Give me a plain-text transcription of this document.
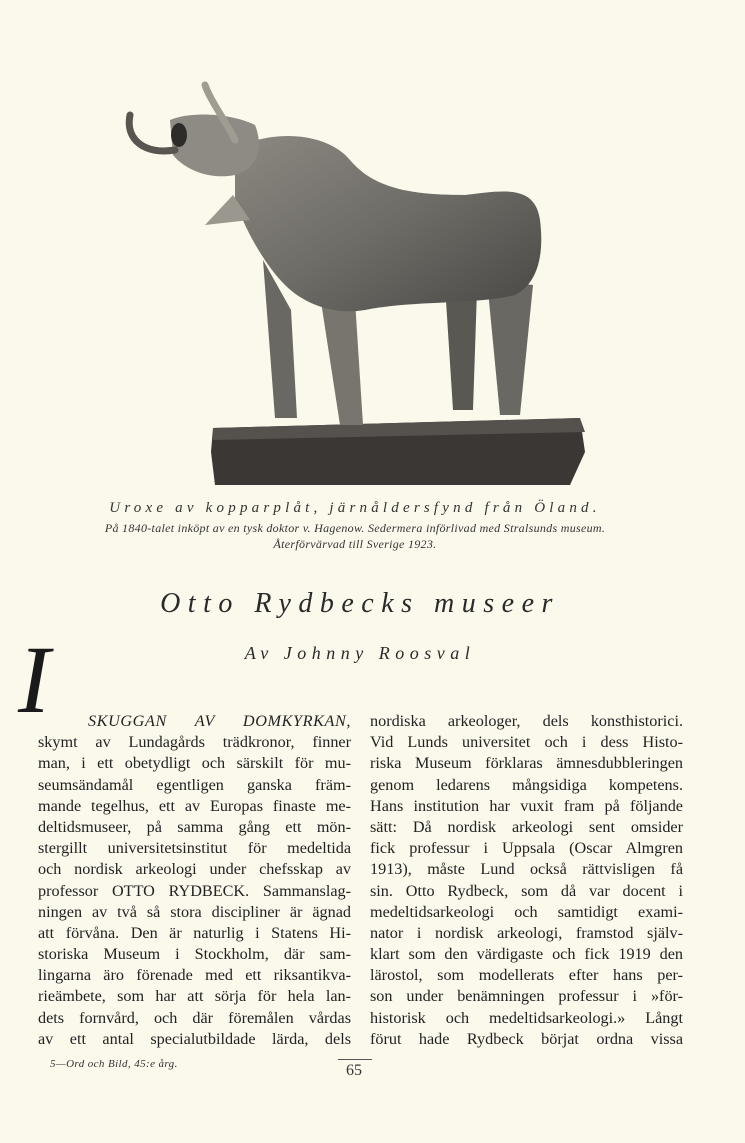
Uroxe av kopparplåt, järnåldersfynd från Öland.
På 1840-talet inköpt av en tysk doktor v. Hagenow. Sedermera införlivad med Stralsunds museum.
Återförvärvad till Sverige 1923.
Otto Rydbecks museer
Av Johnny Roosval
I SKUGGAN AV DOMKYRKAN,
skymt av Lundagårds trädkronor, finner
man, i ett obetydligt och särskilt för mu-
seumsändamål egentligen ganska främ-
mande tegelhus, ett av Europas finaste me-
deltidsmuseer, på samma gång ett mön-
stergillt universitetsinstitut för medeltida
och nordisk arkeologi under chefsskap av
professor OTTO RYDBECK. Sammanslag-
ningen av två så stora discipliner är ägnad
att förvåna. Den är naturlig i Statens Hi-
storiska Museum i Stockholm, där sam-
lingarna äro förenade med ett riksantikva-
rieämbete, som har att sörja för hela lan-
dets fornvård, och där föremålen vårdas
av ett antal specialutbildade lärda, dels
nordiska arkeologer, dels konsthistorici.
Vid Lunds universitet och i dess Histo-
riska Museum förklaras ämnesdubbleringen
genom ledarens mångsidiga kompetens.
Hans institution har vuxit fram på följande
sätt: Då nordisk arkeologi sent omsider
fick professur i Uppsala (Oscar Almgren
1913), måste Lund också rättvisligen få
sin. Otto Rydbeck, som då var docent i
medeltidsarkeologi och samtidigt exami-
nator i nordisk arkeologi, framstod själv-
klart som den värdigaste och fick 1919 den
lärostol, som modellerats efter hans per-
son under benämningen professur i »för-
historisk och medeltidsarkeologi.» Långt
förut hade Rydbeck börjat ordna vissa
5—Ord och Bild, 45:e årg.	65
